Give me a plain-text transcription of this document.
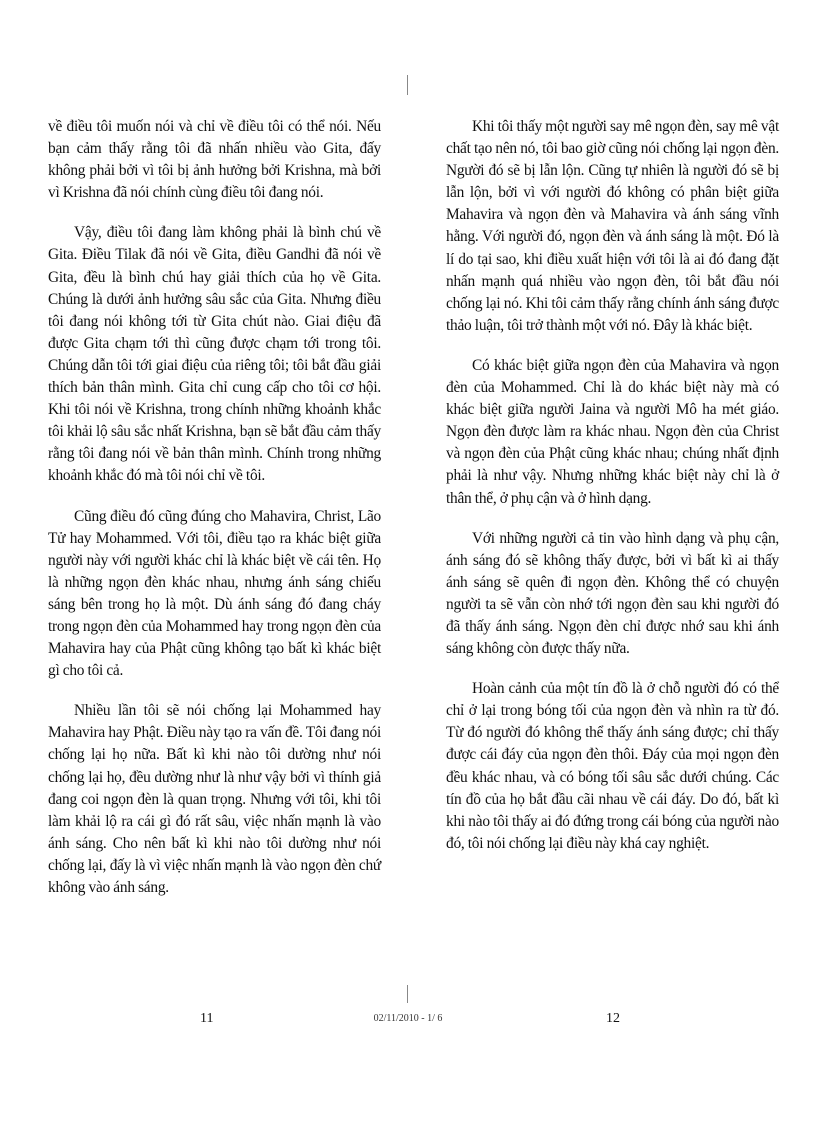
về điều tôi muốn nói và chỉ về điều tôi có thể nói. Nếu bạn cảm thấy rằng tôi đã nhấn nhiều vào Gita, đấy không phải bởi vì tôi bị ảnh hưởng bởi Krishna, mà bởi vì Krishna đã nói chính cùng điều tôi đang nói.

Vậy, điều tôi đang làm không phải là bình chú về Gita. Điều Tilak đã nói về Gita, điều Gandhi đã nói về Gita, đều là bình chú hay giải thích của họ về Gita. Chúng là dưới ảnh hưởng sâu sắc của Gita. Nhưng điều tôi đang nói không tới từ Gita chút nào. Giai điệu đã được Gita chạm tới thì cũng được chạm tới trong tôi. Chúng dẫn tôi tới giai điệu của riêng tôi; tôi bắt đầu giải thích bản thân mình. Gita chỉ cung cấp cho tôi cơ hội. Khi tôi nói về Krishna, trong chính những khoảnh khắc tôi khải lộ sâu sắc nhất Krishna, bạn sẽ bắt đầu cảm thấy rằng tôi đang nói về bản thân mình. Chính trong những khoảnh khắc đó mà tôi nói chỉ về tôi.

Cũng điều đó cũng đúng cho Mahavira, Christ, Lão Tử hay Mohammed. Với tôi, điều tạo ra khác biệt giữa người này với người khác chỉ là khác biệt về cái tên. Họ là những ngọn đèn khác nhau, nhưng ánh sáng chiếu sáng bên trong họ là một. Dù ánh sáng đó đang cháy trong ngọn đèn của Mohammed hay trong ngọn đèn của Mahavira hay của Phật cũng không tạo bất kì khác biệt gì cho tôi cả.

Nhiều lần tôi sẽ nói chống lại Mohammed hay Mahavira hay Phật. Điều này tạo ra vấn đề. Tôi đang nói chống lại họ nữa. Bất kì khi nào tôi dường như nói chống lại họ, đều dường như là như vậy bởi vì thính giả đang coi ngọn đèn là quan trọng. Nhưng với tôi, khi tôi làm khải lộ ra cái gì đó rất sâu, việc nhấn mạnh là vào ánh sáng. Cho nên bất kì khi nào tôi dường như nói chống lại, đấy là vì việc nhấn mạnh là vào ngọn đèn chứ không vào ánh sáng.

Khi tôi thấy một người say mê ngọn đèn, say mê vật chất tạo nên nó, tôi bao giờ cũng nói chống lại ngọn đèn. Người đó sẽ bị lẫn lộn. Cũng tự nhiên là người đó sẽ bị lẫn lộn, bởi vì với người đó không có phân biệt giữa Mahavira và ngọn đèn và Mahavira và ánh sáng vĩnh hằng. Với người đó, ngọn đèn và ánh sáng là một. Đó là lí do tại sao, khi điều xuất hiện với tôi là ai đó đang đặt nhấn mạnh quá nhiều vào ngọn đèn, tôi bắt đầu nói chống lại nó. Khi tôi cảm thấy rằng chính ánh sáng được thảo luận, tôi trở thành một với nó. Đây là khác biệt.

Có khác biệt giữa ngọn đèn của Mahavira và ngọn đèn của Mohammed. Chỉ là do khác biệt này mà có khác biệt giữa người Jaina và người Mô ha mét giáo. Ngọn đèn được làm ra khác nhau. Ngọn đèn của Christ và ngọn đèn của Phật cũng khác nhau; chúng nhất định phải là như vậy. Nhưng những khác biệt này chỉ là ở thân thể, ở phụ cận và ở hình dạng.

Với những người cả tin vào hình dạng và phụ cận, ánh sáng đó sẽ không thấy được, bởi vì bất kì ai thấy ánh sáng sẽ quên đi ngọn đèn. Không thể có chuyện người ta sẽ vẫn còn nhớ tới ngọn đèn sau khi người đó đã thấy ánh sáng. Ngọn đèn chỉ được nhớ sau khi ánh sáng không còn được thấy nữa.

Hoàn cảnh của một tín đồ là ở chỗ người đó có thể chỉ ở lại trong bóng tối của ngọn đèn và nhìn ra từ đó. Từ đó người đó không thể thấy ánh sáng được; chỉ thấy được cái đáy của ngọn đèn thôi. Đáy của mọi ngọn đèn đều khác nhau, và có bóng tối sâu sắc dưới chúng. Các tín đồ của họ bắt đầu cãi nhau về cái đáy. Do đó, bất kì khi nào tôi thấy ai đó đứng trong cái bóng của người nào đó, tôi nói chống lại điều này khá cay nghiệt.

11	02/11/2010 - 1/ 6	12
